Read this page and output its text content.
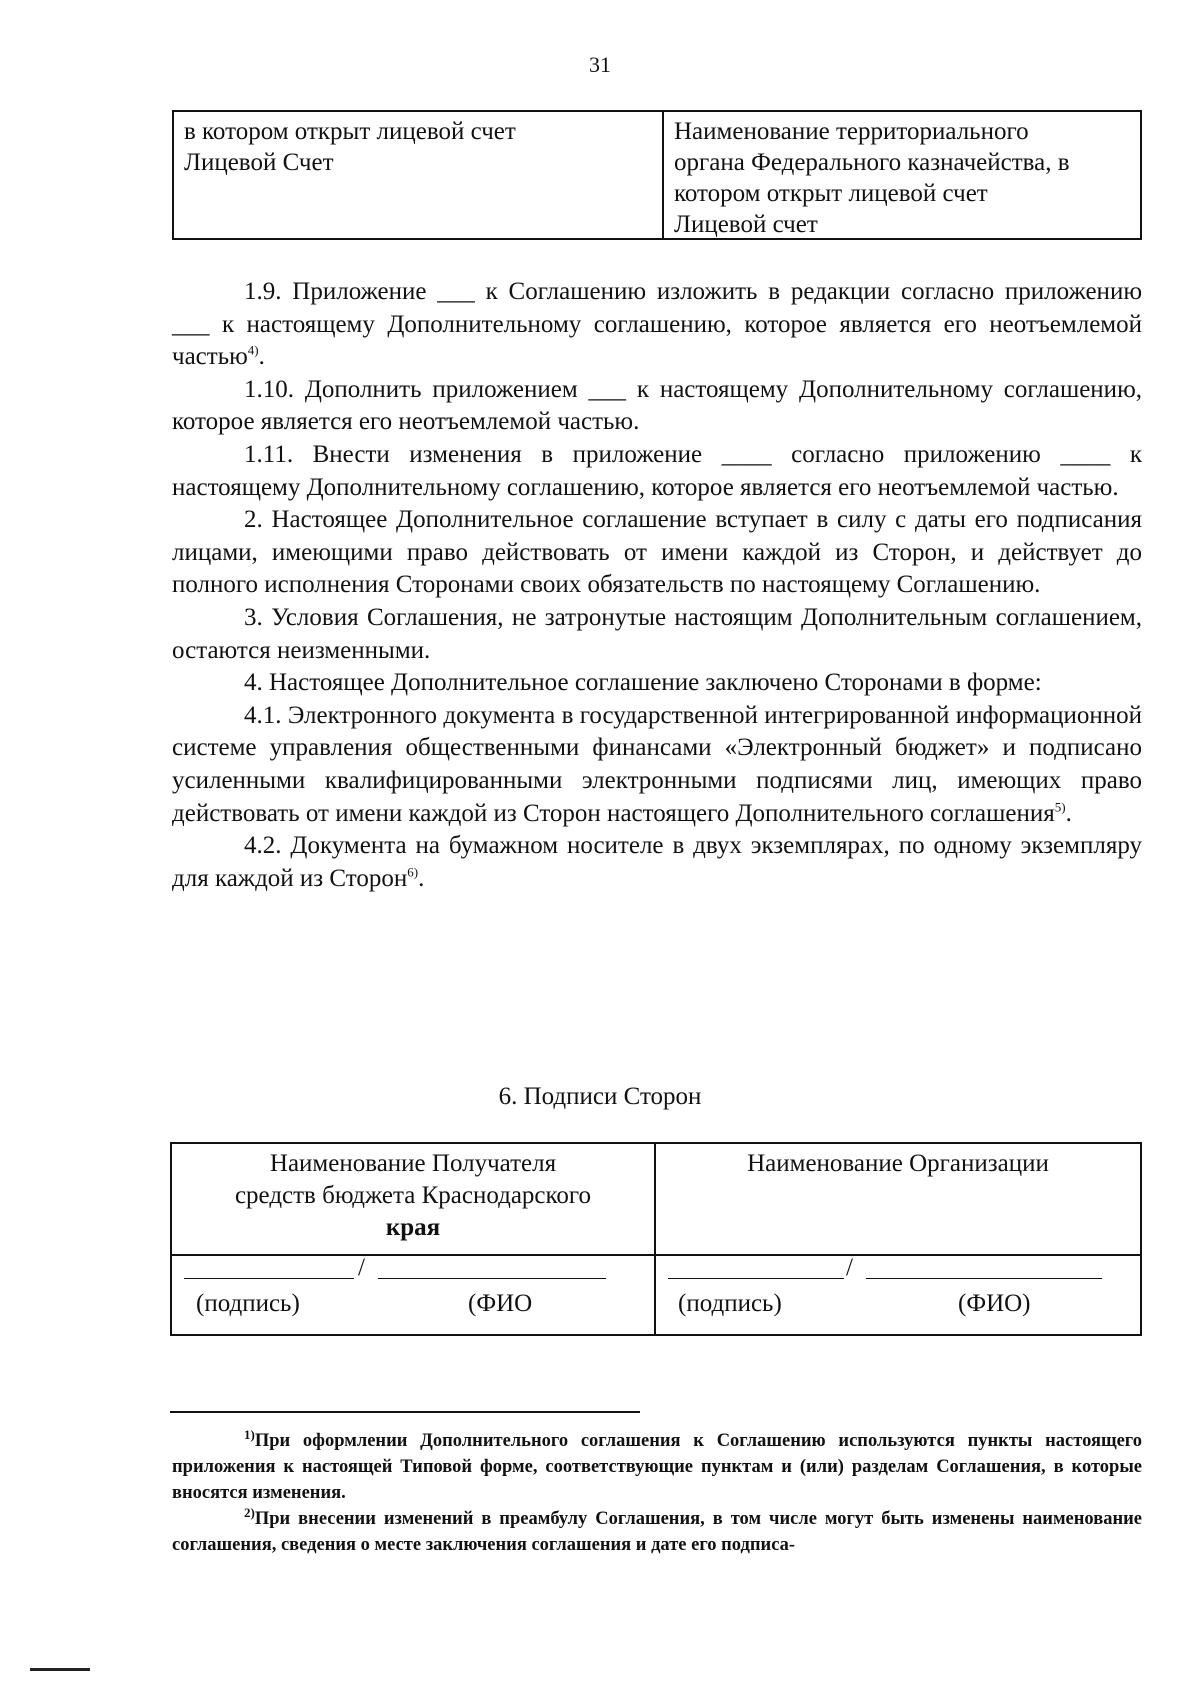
31
в котором открыт лицевой счет
Лицевой Счет
Наименование территориального
органа Федерального казначейства, в
котором открыт лицевой счет
Лицевой счет

1.9. Приложение ___ к Соглашению изложить в редакции согласно приложению ___ к настоящему Дополнительному соглашению, которое является его неотъемлемой частью$^{4)}$.

1.10. Дополнить приложением ___ к настоящему Дополнительному соглашению, которое является его неотъемлемой частью.

1.11. Внести изменения в приложение ____ согласно приложению ____ к настоящему Дополнительному соглашению, которое является его неотъемлемой частью.

2. Настоящее Дополнительное соглашение вступает в силу с даты его подписания лицами, имеющими право действовать от имени каждой из Сторон, и действует до полного исполнения Сторонами своих обязательств по настоящему Соглашению.

3. Условия Соглашения, не затронутые настоящим Дополнительным соглашением, остаются неизменными.

4. Настоящее Дополнительное соглашение заключено Сторонами в форме:

4.1. Электронного документа в государственной интегрированной информационной системе управления общественными финансами «Электронный бюджет» и подписано усиленными квалифицированными электронными подписями лиц, имеющих право действовать от имени каждой из Сторон настоящего Дополнительного соглашения$^{5)}$.

4.2. Документа на бумажном носителе в двух экземплярах, по одному экземпляру для каждой из Сторон$^{6)}$.

6. Подписи Сторон
Наименование Получателя
средств бюджета Краснодарского
края
/
(подпись)	(ФИО
Наименование Организации
/
(подпись)	(ФИО)

$^{1)}$При оформлении Дополнительного соглашения к Соглашению используются пункты настоящего приложения к настоящей Типовой форме, соответствующие пунктам и (или) разделам Соглашения, в которые вносятся изменения.

$^{2)}$При внесении изменений в преамбулу Соглашения, в том числе могут быть изменены наименование соглашения, сведения о месте заключения соглашения и дате его подписа-
